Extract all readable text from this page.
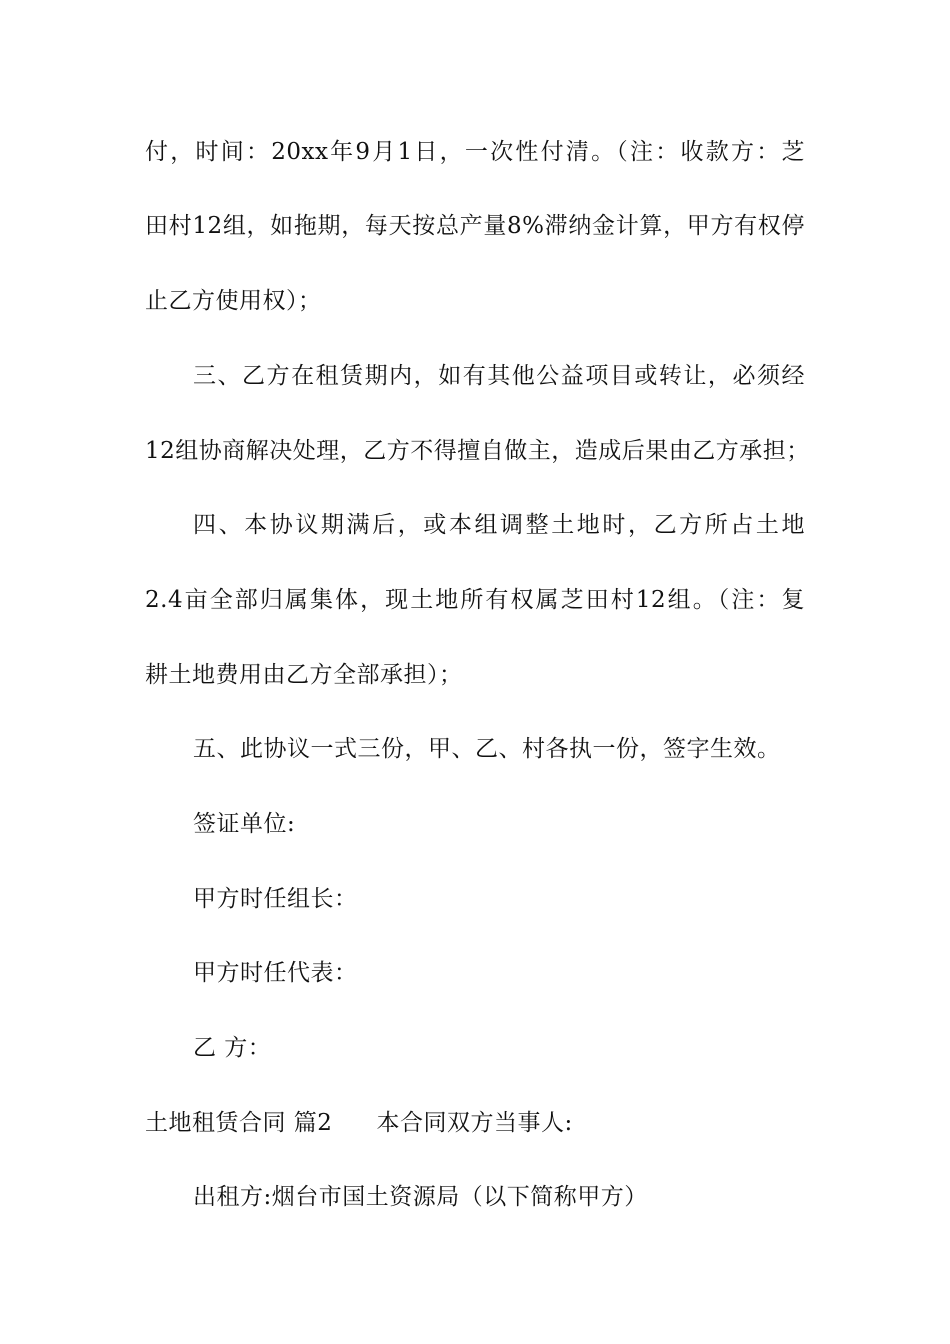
付，时间：20xx年9月1日，一次性付清。（注：收款方：芝
田村12组，如拖期，每天按总产量8%滞纳金计算，甲方有权停
止乙方使用权）；
三、乙方在租赁期内，如有其他公益项目或转让，必须经
12组协商解决处理，乙方不得擅自做主，造成后果由乙方承担；
四、本协议期满后，或本组调整土地时，乙方所占土地
2.4亩全部归属集体，现土地所有权属芝田村12组。（注：复
耕土地费用由乙方全部承担）；
五、此协议一式三份，甲、乙、村各执一份，签字生效。
签证单位:
甲方时任组长：
甲方时任代表：
乙 方：
土地租赁合同 篇2 本合同双方当事人:
出租方:烟台市国土资源局（以下简称甲方）
